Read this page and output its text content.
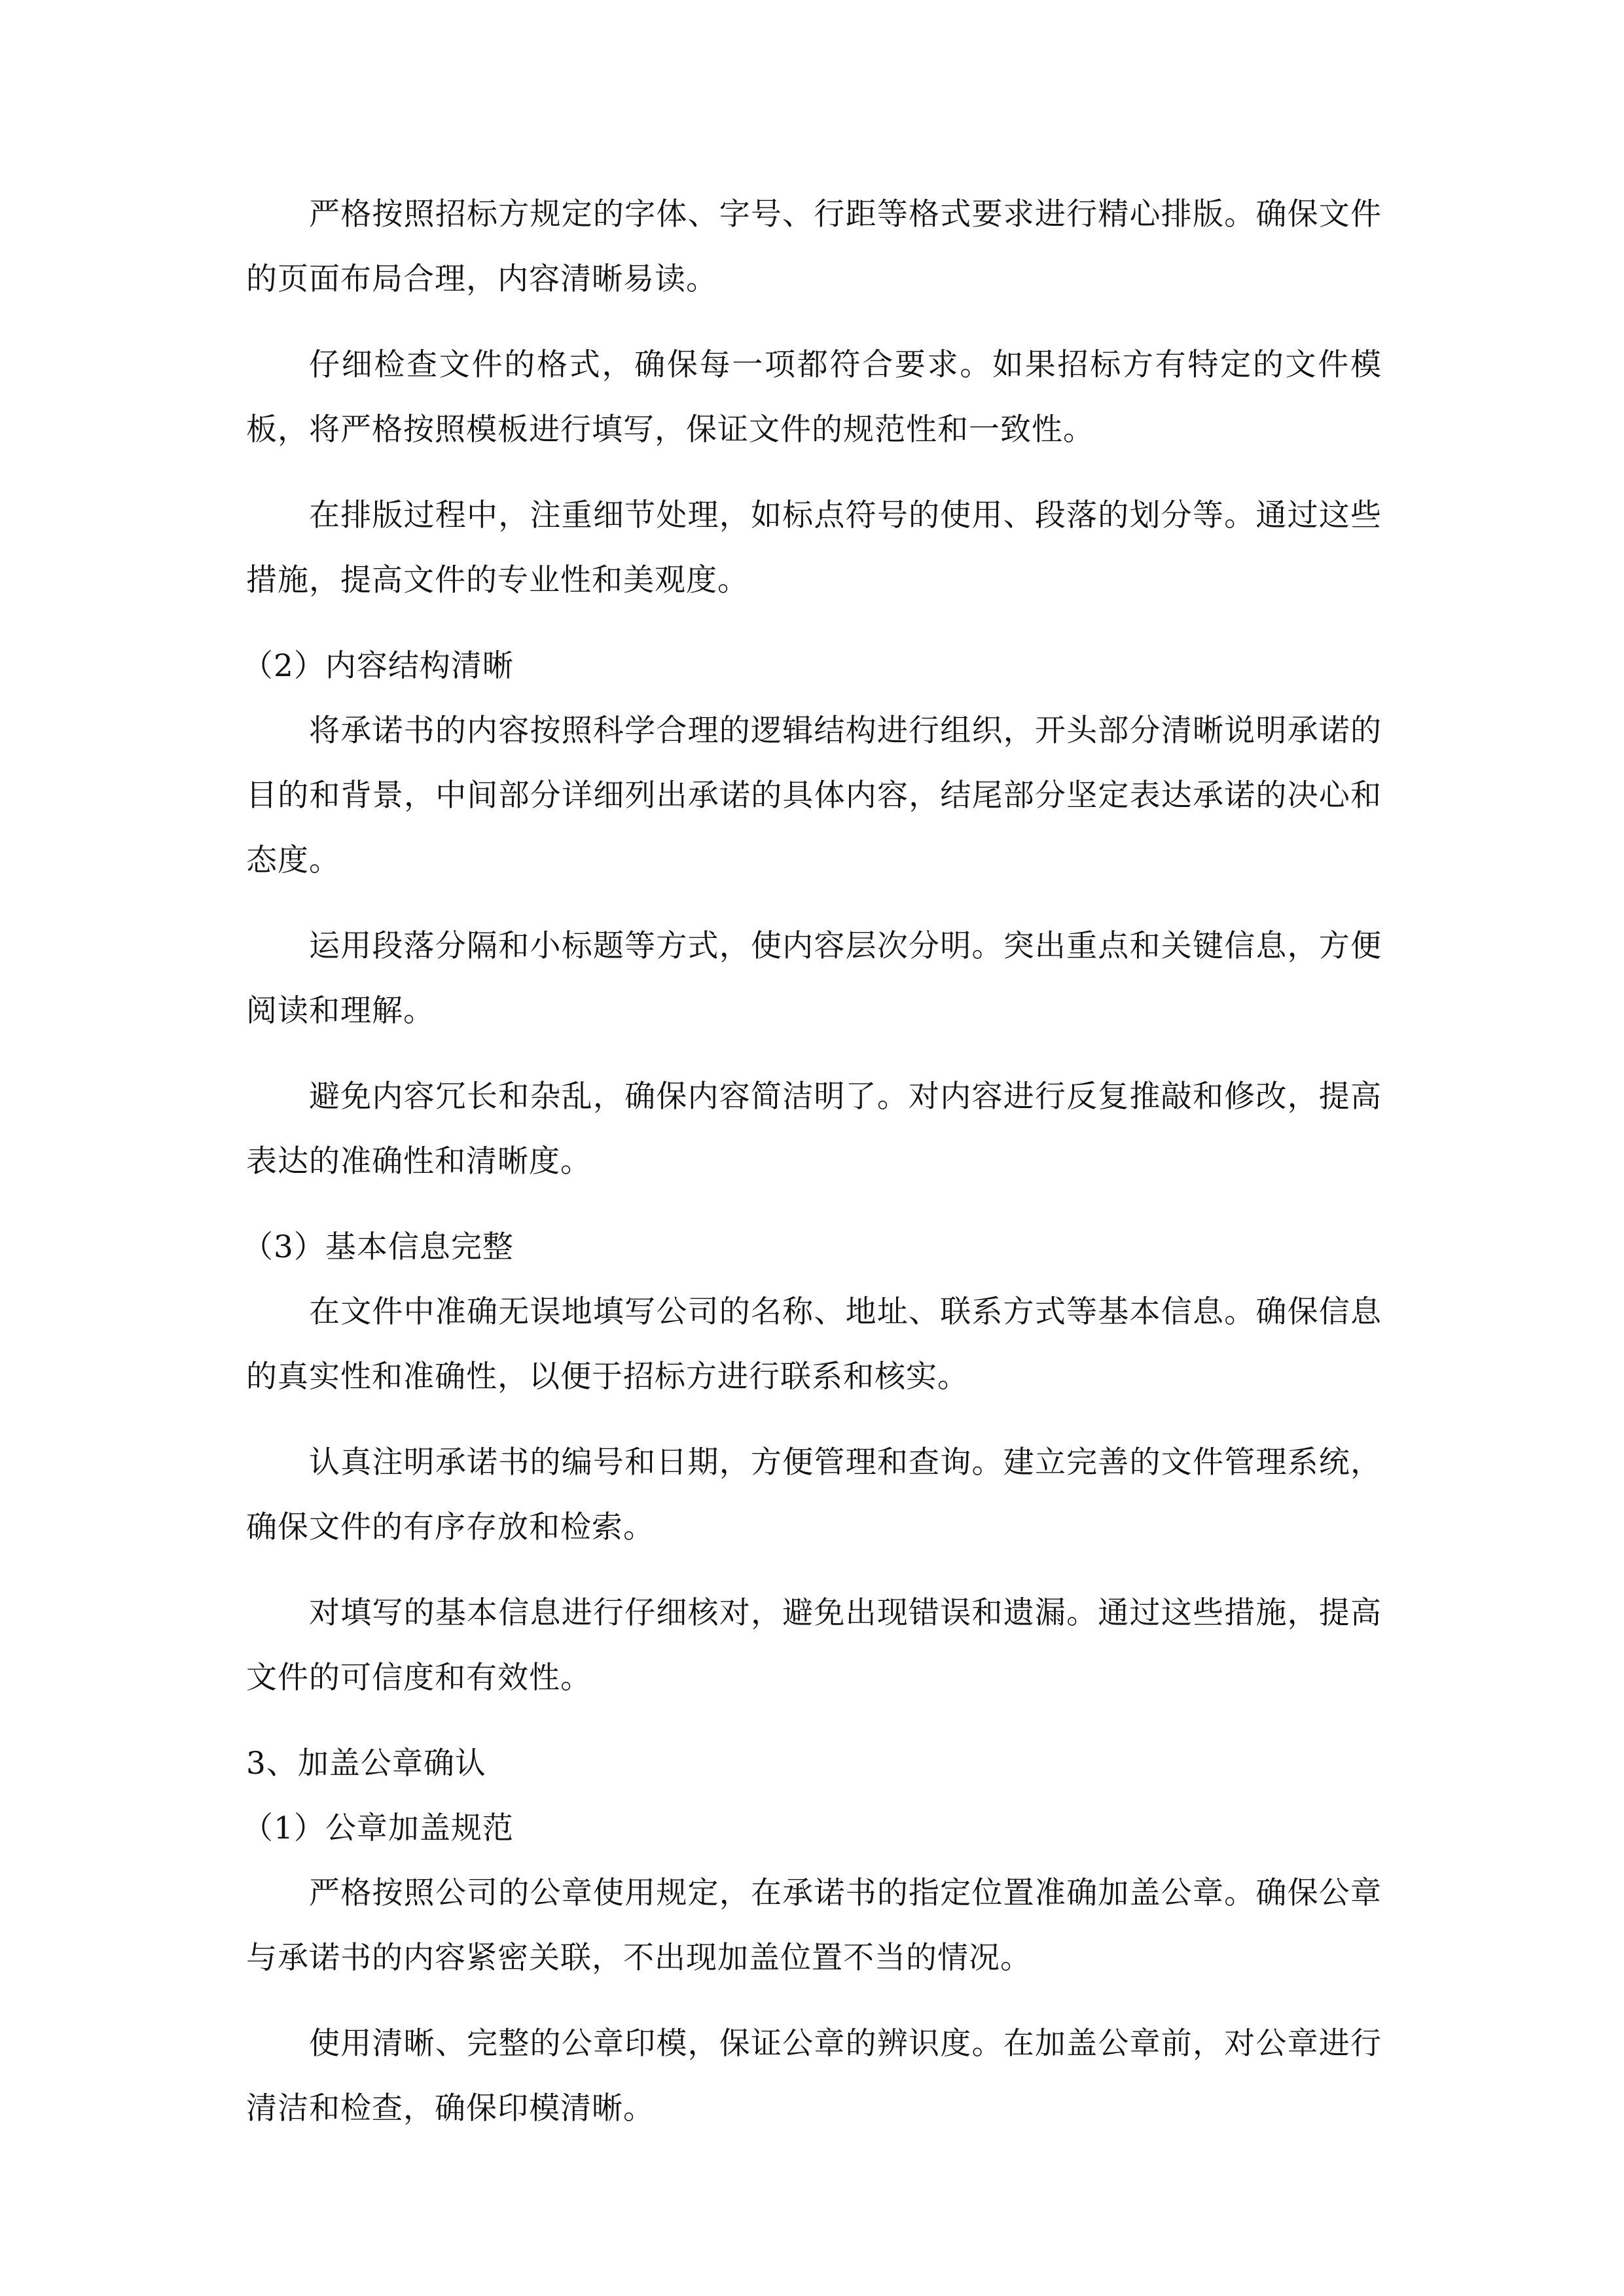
严格按照招标方规定的字体、字号、行距等格式要求进行精心排版。确保文件的页面布局合理，内容清晰易读。

仔细检查文件的格式，确保每一项都符合要求。如果招标方有特定的文件模板，将严格按照模板进行填写，保证文件的规范性和一致性。

在排版过程中，注重细节处理，如标点符号的使用、段落的划分等。通过这些措施，提高文件的专业性和美观度。

（2）内容结构清晰

将承诺书的内容按照科学合理的逻辑结构进行组织，开头部分清晰说明承诺的目的和背景，中间部分详细列出承诺的具体内容，结尾部分坚定表达承诺的决心和态度。

运用段落分隔和小标题等方式，使内容层次分明。突出重点和关键信息，方便阅读和理解。

避免内容冗长和杂乱，确保内容简洁明了。对内容进行反复推敲和修改，提高表达的准确性和清晰度。

（3）基本信息完整

在文件中准确无误地填写公司的名称、地址、联系方式等基本信息。确保信息的真实性和准确性，以便于招标方进行联系和核实。

认真注明承诺书的编号和日期，方便管理和查询。建立完善的文件管理系统，确保文件的有序存放和检索。

对填写的基本信息进行仔细核对，避免出现错误和遗漏。通过这些措施，提高文件的可信度和有效性。

3、加盖公章确认

（1）公章加盖规范

严格按照公司的公章使用规定，在承诺书的指定位置准确加盖公章。确保公章与承诺书的内容紧密关联，不出现加盖位置不当的情况。

使用清晰、完整的公章印模，保证公章的辨识度。在加盖公章前，对公章进行清洁和检查，确保印模清晰。
